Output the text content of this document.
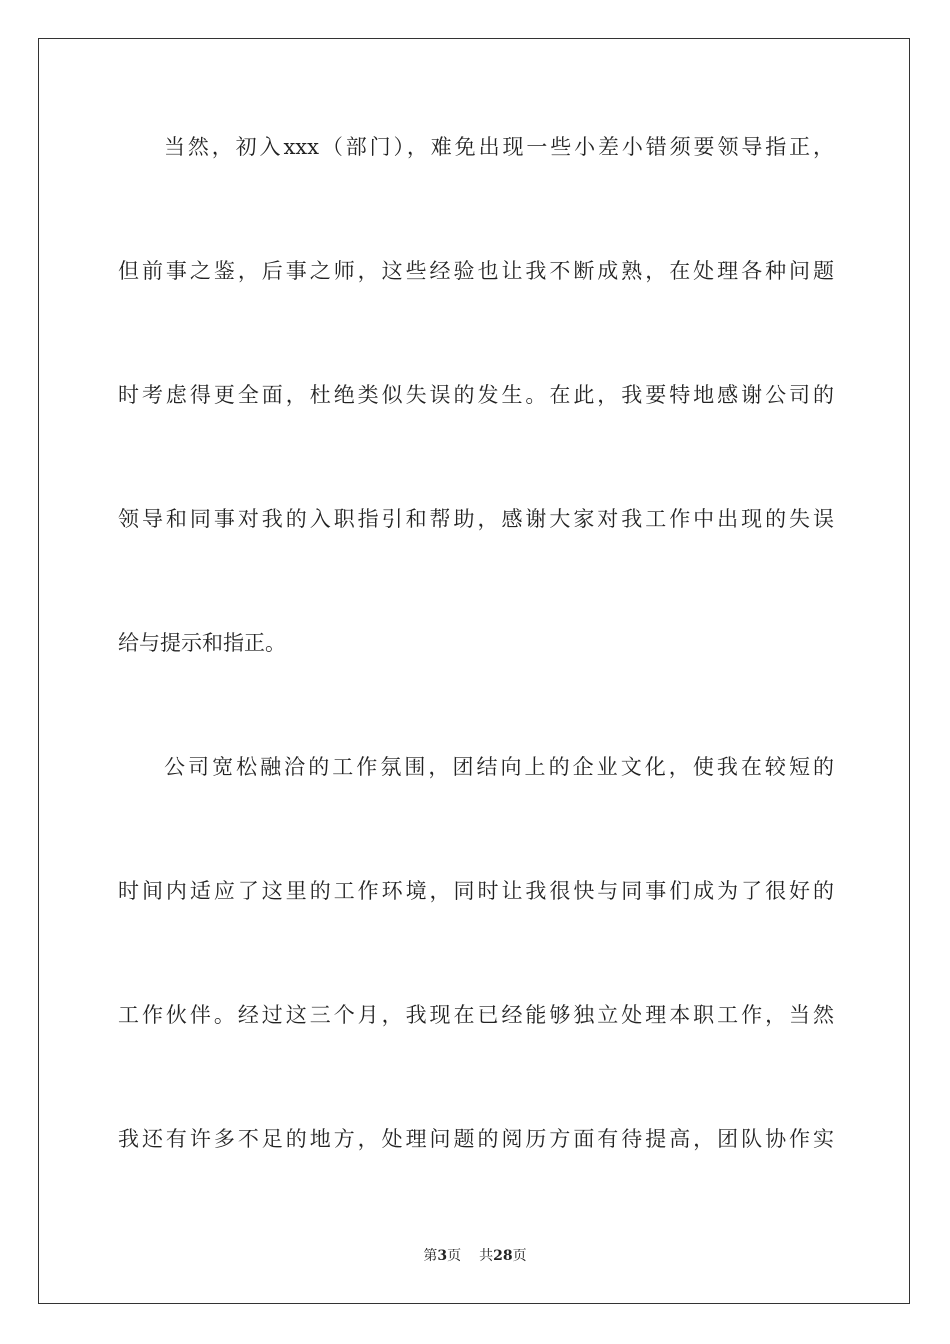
当然，初入xxx（部门），难免出现一些小差小错须要领导指正，
但前事之鉴，后事之师，这些经验也让我不断成熟，在处理各种问题
时考虑得更全面，杜绝类似失误的发生。在此，我要特地感谢公司的
领导和同事对我的入职指引和帮助，感谢大家对我工作中出现的失误
给与提示和指正。
公司宽松融洽的工作氛围，团结向上的企业文化，使我在较短的
时间内适应了这里的工作环境，同时让我很快与同事们成为了很好的
工作伙伴。经过这三个月，我现在已经能够独立处理本职工作，当然
我还有许多不足的地方，处理问题的阅历方面有待提高，团队协作实
第3页 共28页
